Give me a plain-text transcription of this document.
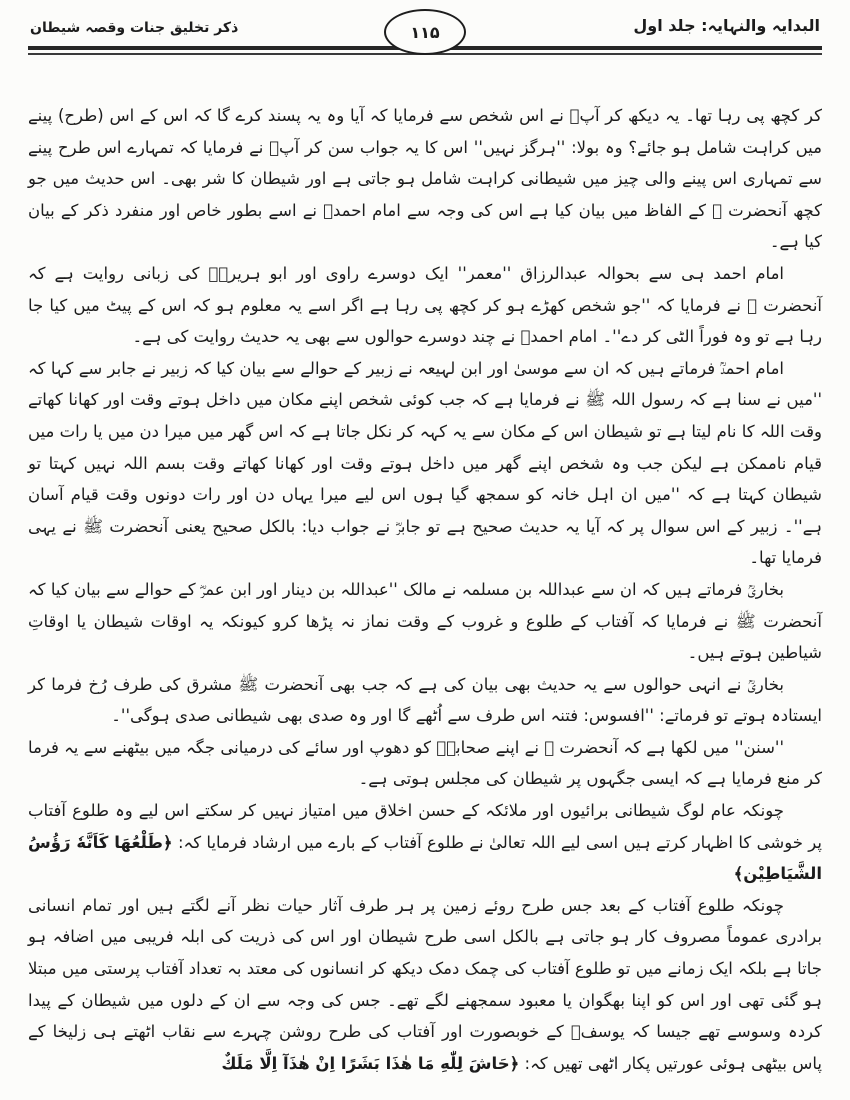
البدایہ والنہایہ: جلد اول
۱۱۵
ذکر تخلیق جنات وقصہ شیطان

کر کچھ پی رہا تھا۔ یہ دیکھ کر آپؐ نے اس شخص سے فرمایا کہ آیا وہ یہ پسند کرے گا کہ اس کے اس (طرح) پینے میں کراہت شامل ہو جائے؟ وہ بولا: ''ہرگز نہیں'' اس کا یہ جواب سن کر آپؐ نے فرمایا کہ تمہارے اس طرح پینے سے تمہاری اس پینے والی چیز میں شیطانی کراہت شامل ہو جاتی ہے اور شیطان کا شر بھی۔ اس حدیث میں جو کچھ آنحضرت ﷺ کے الفاظ میں بیان کیا ہے اس کی وجہ سے امام احمدؒ نے اسے بطور خاص اور منفرد ذکر کے بیان کیا ہے۔

امام احمد ہی سے بحوالہ عبدالرزاق ''معمر'' ایک دوسرے راوی اور ابو ہریرہؓ کی زبانی روایت ہے کہ آنحضرت ﷺ نے فرمایا کہ ''جو شخص کھڑے ہو کر کچھ پی رہا ہے اگر اسے یہ معلوم ہو کہ اس کے پیٹ میں کیا جا رہا ہے تو وہ فوراً الٹی کر دے''۔ امام احمدؒ نے چند دوسرے حوالوں سے بھی یہ حدیث روایت کی ہے۔

امام احمدؒ فرماتے ہیں کہ ان سے موسیٰ اور ابن لہیعہ نے زبیر کے حوالے سے بیان کیا کہ زبیر نے جابر سے کہا کہ ''میں نے سنا ہے کہ رسول اللہ ﷺ نے فرمایا ہے کہ جب کوئی شخص اپنے مکان میں داخل ہوتے وقت اور کھانا کھاتے وقت اللہ کا نام لیتا ہے تو شیطان اس کے مکان سے یہ کہہ کر نکل جاتا ہے کہ اس گھر میں میرا دن میں یا رات میں قیام ناممکن ہے لیکن جب وہ شخص اپنے گھر میں داخل ہوتے وقت اور کھانا کھاتے وقت بسم اللہ نہیں کہتا تو شیطان کہتا ہے کہ ''میں ان اہل خانہ کو سمجھ گیا ہوں اس لیے میرا یہاں دن اور رات دونوں وقت قیام آسان ہے''۔ زبیر کے اس سوال پر کہ آیا یہ حدیث صحیح ہے تو جابرؓ نے جواب دیا: بالکل صحیح یعنی آنحضرت ﷺ نے یہی فرمایا تھا۔

بخاریؒ فرماتے ہیں کہ ان سے عبداللہ بن مسلمہ نے مالک ''عبداللہ بن دینار اور ابن عمرؓ کے حوالے سے بیان کیا کہ آنحضرت ﷺ نے فرمایا کہ آفتاب کے طلوع و غروب کے وقت نماز نہ پڑھا کرو کیونکہ یہ اوقات شیطان یا اوقاتِ شیاطین ہوتے ہیں۔

بخاریؒ نے انہی حوالوں سے یہ حدیث بھی بیان کی ہے کہ جب بھی آنحضرت ﷺ مشرق کی طرف رُخ فرما کر ایستادہ ہوتے تو فرماتے: ''افسوس: فتنہ اس طرف سے اُٹھے گا اور وہ صدی بھی شیطانی صدی ہوگی''۔

''سنن'' میں لکھا ہے کہ آنحضرت ﷺ نے اپنے صحابہؓ کو دھوپ اور سائے کی درمیانی جگہ میں بیٹھنے سے یہ فرما کر منع فرمایا ہے کہ ایسی جگہوں پر شیطان کی مجلس ہوتی ہے۔

چونکہ عام لوگ شیطانی برائیوں اور ملائکہ کے حسن اخلاق میں امتیاز نہیں کر سکتے اس لیے وہ طلوع آفتاب پر خوشی کا اظہار کرتے ہیں اسی لیے اللہ تعالیٰ نے طلوع آفتاب کے بارے میں ارشاد فرمایا کہ: ﴿طَلْعُهَا كَاَنَّهٗ رَؤُسُ الشَّيَاطِيْن﴾

چونکہ طلوع آفتاب کے بعد جس طرح روئے زمین پر ہر طرف آثار حیات نظر آنے لگتے ہیں اور تمام انسانی برادری عموماً مصروف کار ہو جاتی ہے بالکل اسی طرح شیطان اور اس کی ذریت کی ابلہ فریبی میں اضافہ ہو جاتا ہے بلکہ ایک زمانے میں تو طلوع آفتاب کی چمک دمک دیکھ کر انسانوں کی معتد بہ تعداد آفتاب پرستی میں مبتلا ہو گئی تھی اور اس کو اپنا بھگوان یا معبود سمجھنے لگے تھے۔ جس کی وجہ سے ان کے دلوں میں شیطان کے پیدا کردہ وسوسے تھے جیسا کہ یوسفؑ کے خوبصورت اور آفتاب کی طرح روشن چہرے سے نقاب اٹھتے ہی زلیخا کے پاس بیٹھی ہوئی عورتیں پکار اٹھی تھیں کہ: ﴿حَاشَ لِلّٰهِ مَا هٰذَا بَشَرًا اِنْ هٰذَآ اِلَّا مَلَكٌ
